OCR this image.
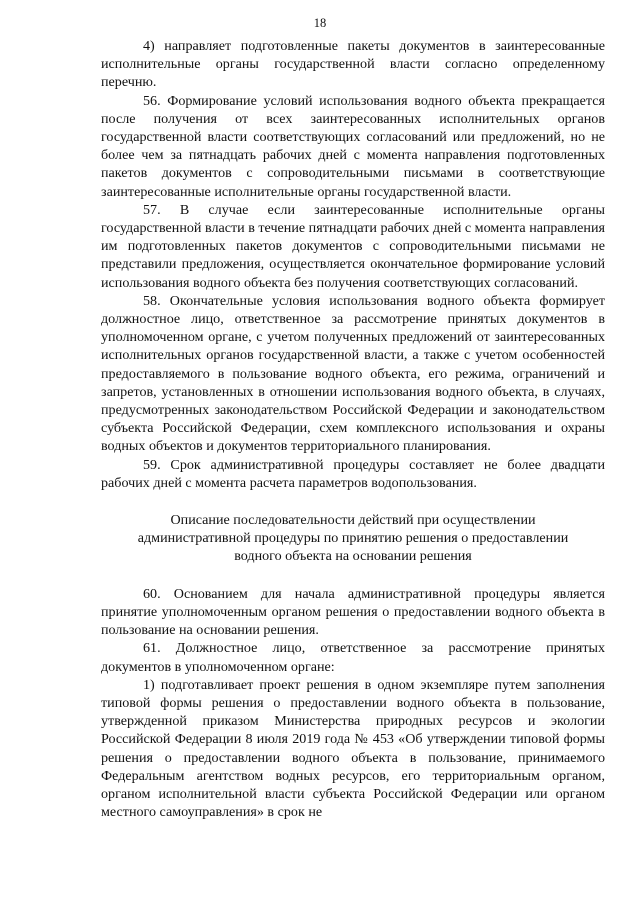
18

4) направляет подготовленные пакеты документов в заинтересованные исполнительные органы государственной власти согласно определенному перечню.

56. Формирование условий использования водного объекта прекращается после получения от всех заинтересованных исполнительных органов государственной власти соответствующих согласований или предложений, но не более чем за пятнадцать рабочих дней с момента направления подготовленных пакетов документов с сопроводительными письмами в соответствующие заинтересованные исполнительные органы государственной власти.

57. В случае если заинтересованные исполнительные органы государственной власти в течение пятнадцати рабочих дней с момента направления им подготовленных пакетов документов с сопроводительными письмами не представили предложения, осуществляется окончательное формирование условий использования водного объекта без получения соответствующих согласований.

58. Окончательные условия использования водного объекта формирует должностное лицо, ответственное за рассмотрение принятых документов в уполномоченном органе, с учетом полученных предложений от заинтересованных исполнительных органов государственной власти, а также с учетом особенностей предоставляемого в пользование водного объекта, его режима, ограничений и запретов, установленных в отношении использования водного объекта, в случаях, предусмотренных законодательством Российской Федерации и законодательством субъекта Российской Федерации, схем комплексного использования и охраны водных объектов и документов территориального планирования.

59. Срок административной процедуры составляет не более двадцати рабочих дней с момента расчета параметров водопользования.

Описание последовательности действий при осуществлении
административной процедуры по принятию решения о предоставлении
водного объекта на основании решения

60. Основанием для начала административной процедуры является принятие уполномоченным органом решения о предоставлении водного объекта в пользование на основании решения.

61. Должностное лицо, ответственное за рассмотрение принятых документов в уполномоченном органе:

1) подготавливает проект решения в одном экземпляре путем заполнения типовой формы решения о предоставлении водного объекта в пользование, утвержденной приказом Министерства природных ресурсов и экологии Российской Федерации 8 июля 2019 года № 453 «Об утверждении типовой формы решения о предоставлении водного объекта в пользование, принимаемого Федеральным агентством водных ресурсов, его территориальным органом, органом исполнительной власти субъекта Российской Федерации или органом местного самоуправления» в срок не
